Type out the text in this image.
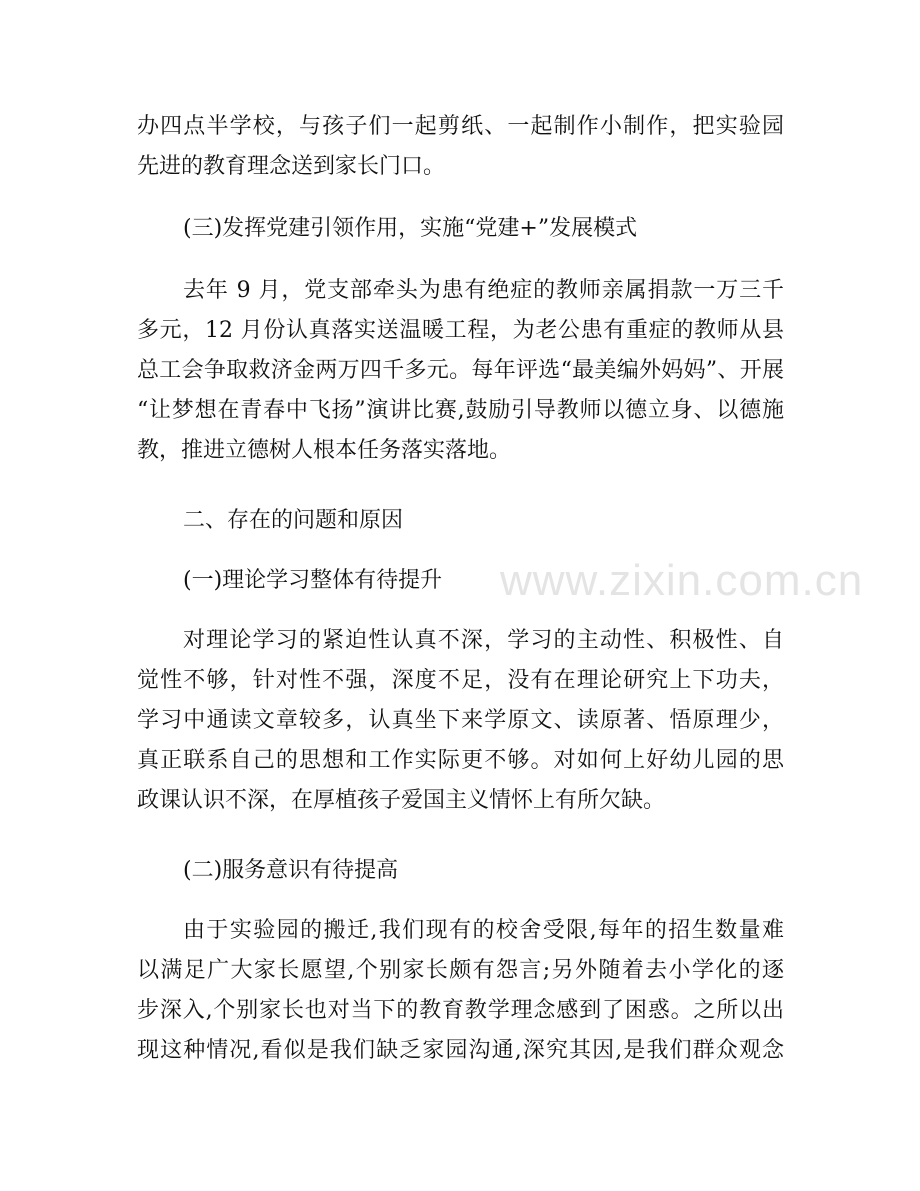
www.zixin.com.cn
办四点半学校，与孩子们一起剪纸、一起制作小制作，把实验园
先进的教育理念送到家长门口。
(三)发挥党建引领作用，实施“党建+”发展模式
去年 9 月，党支部牵头为患有绝症的教师亲属捐款一万三千
多元，12 月份认真落实送温暖工程，为老公患有重症的教师从县
总工会争取救济金两万四千多元。每年评选“最美编外妈妈”、开展
“让梦想在青春中飞扬”演讲比赛,鼓励引导教师以德立身、以德施
教，推进立德树人根本任务落实落地。
二、存在的问题和原因
(一)理论学习整体有待提升
对理论学习的紧迫性认真不深，学习的主动性、积极性、自
觉性不够，针对性不强，深度不足，没有在理论研究上下功夫，
学习中通读文章较多，认真坐下来学原文、读原著、悟原理少，
真正联系自己的思想和工作实际更不够。对如何上好幼儿园的思
政课认识不深，在厚植孩子爱国主义情怀上有所欠缺。
(二)服务意识有待提高
由于实验园的搬迁,我们现有的校舍受限,每年的招生数量难
以满足广大家长愿望,个别家长颇有怨言;另外随着去小学化的逐
步深入,个别家长也对当下的教育教学理念感到了困惑。之所以出
现这种情况,看似是我们缺乏家园沟通,深究其因,是我们群众观念
